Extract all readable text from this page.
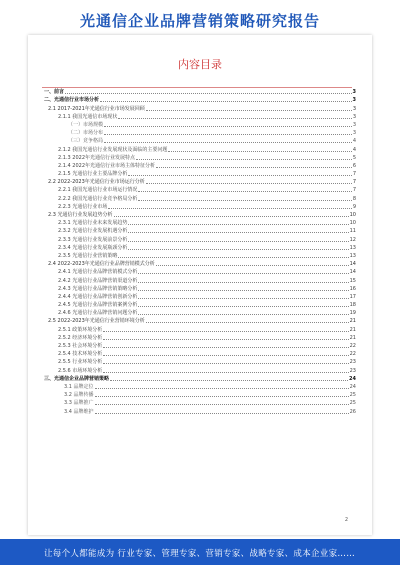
光通信企业品牌营销策略研究报告
内容目录
一、前言	3
二、光通信行业市场分析	3
2.1 2017-2021年光通信行业市场发展回顾	3
2.1.1 我国光通信市场现状	3
（一）市场规模	3
（二）市场分布	3
（三）竞争格局	4
2.1.2 我国光通信行业发展现状及面临的主要问题	4
2.1.3 2022年光通信行业发展特点	5
2.1.4 2022年光通信行业市场主体特征分析	6
2.1.5 光通信行业主要品牌分析	7
2.2 2022-2023年光通信行业市场运行分析	7
2.2.1 我国光通信行业市场运行情况	7
2.2.2 我国光通信行业竞争格局分析	8
2.2.3 光通信行业市场	9
2.3 光通信行业发展趋势分析	10
2.3.1 光通信行业未来发展趋势	10
2.3.2 光通信行业发展机遇分析	11
2.3.3 光通信行业发展前景分析	12
2.3.4 光通信行业发展瓶颈分析	13
2.3.5 光通信行业营销策略	13
2.4 2022-2023年光通信行业品牌营销模式分析	14
2.4.1 光通信行业品牌营销模式分析	14
2.4.2 光通信行业品牌营销渠道分析	15
2.4.3 光通信行业品牌营销策略分析	16
2.4.4 光通信行业品牌营销创新分析	17
2.4.5 光通信行业品牌营销案例分析	18
2.4.6 光通信行业品牌营销问题分析	19
2.5 2022-2023年光通信行业营销环境分析	21
2.5.1 政策环境分析	21
2.5.2 经济环境分析	21
2.5.3 社会环境分析	22
2.5.4 技术环境分析	22
2.5.5 行业环境分析	23
2.5.6 市场环境分析	23
三、光通信企业品牌营销策略	24
3.1 品牌定位	24
3.2 品牌传播	25
3.3 品牌推广	25
3.4 品牌维护	26
2
让每个人都能成为 行业专家、管理专家、营销专家、战略专家、成本企业家……
